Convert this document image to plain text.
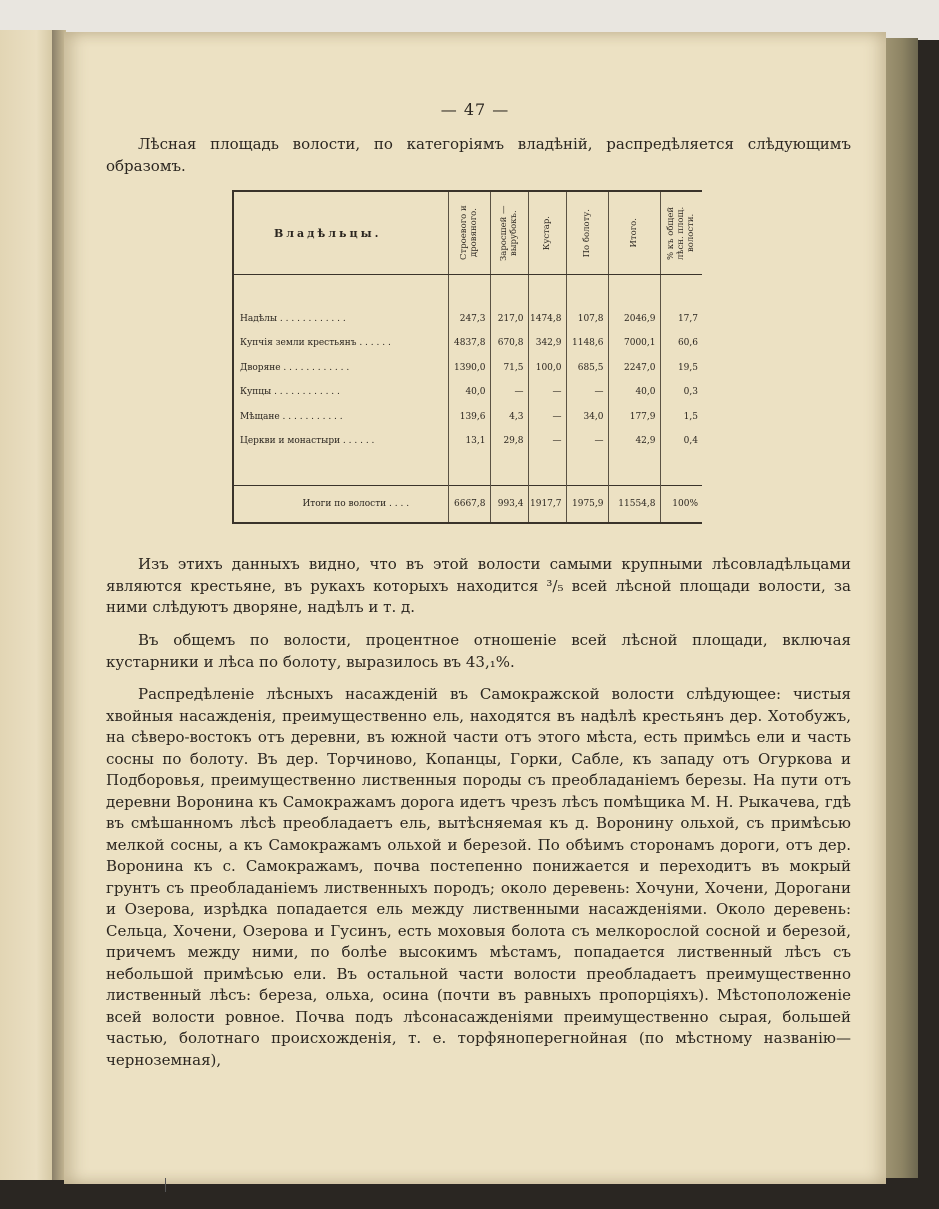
— 47 —

Лѣсная площадь волости, по категоріямъ владѣній, распредѣляется слѣдующимъ образомъ.

Владѣльцы.	Строевого и дровяного.	Заросшей — вырубокъ.	Кустар.	По болоту.	Итого.	% къ общей лѣсн. площ. волости.

Надѣлы . . . . . . . . . . . .	247,3	217,0	1474,8	107,8	2046,9	17,7
Купчія земли крестьянъ . . . . . .	4837,8	670,8	342,9	1148,6	7000,1	60,6
Дворяне . . . . . . . . . . . .	1390,0	71,5	100,0	685,5	2247,0	19,5
Купцы . . . . . . . . . . . .	40,0	—	—	—	40,0	0,3
Мѣщане . . . . . . . . . . .	139,6	4,3	—	34,0	177,9	1,5
Церкви и монастыри . . . . . .	13,1	29,8	—	—	42,9	0,4

Итоги по волости . . . .	6667,8	993,4	1917,7	1975,9	11554,8	100%

Изъ этихъ данныхъ видно, что въ этой волости самыми крупными лѣсовладѣльцами являются крестьяне, въ рукахъ которыхъ находится ³/₅ всей лѣсной площади волости, за ними слѣдуютъ дворяне, надѣлъ и т. д.

Въ общемъ по волости, процентное отношеніе всей лѣсной площади, включая кустарники и лѣса по болоту, выразилось въ 43,₁%.

Распредѣленіе лѣсныхъ насажденій въ Самокражской волости слѣдующее: чистыя хвойныя насажденія, преимущественно ель, находятся въ надѣлѣ крестьянъ дер. Хотобужъ, на сѣверо-востокъ отъ деревни, въ южной части отъ этого мѣста, есть примѣсь ели и часть сосны по болоту. Въ дер. Торчиново, Копанцы, Горки, Сабле, къ западу отъ Огуркова и Подборовья, преимущественно лиственныя породы съ преобладаніемъ березы. На пути отъ деревни Воронина къ Самокражамъ дорога идетъ чрезъ лѣсъ помѣщика М. Н. Рыкачева, гдѣ въ смѣшанномъ лѣсѣ преобладаетъ ель, вытѣсняемая къ д. Воронину ольхой, съ примѣсью мелкой сосны, а къ Самокражамъ ольхой и березой. По обѣимъ сторонамъ дороги, отъ дер. Воронина къ с. Самокражамъ, почва постепенно понижается и переходитъ въ мокрый грунтъ съ преобладаніемъ лиственныхъ породъ; около деревень: Хочуни, Хочени, Дорогани и Озерова, изрѣдка попадается ель между лиственными насажденіями. Около деревень: Сельца, Хочени, Озерова и Гусинъ, есть моховыя болота съ мелкорослой сосной и березой, причемъ между ними, по болѣе высокимъ мѣстамъ, попадается лиственный лѣсъ съ небольшой примѣсью ели. Въ остальной части волости преобладаетъ преимущественно лиственный лѣсъ: береза, ольха, осина (почти въ равныхъ пропорціяхъ). Мѣстоположеніе всей волости ровное. Почва подъ лѣсонасажденіями преимущественно сырая, большей частью, болотнаго происхожденія, т. е. торфяноперегнойная (по мѣстному названію—черноземная),
